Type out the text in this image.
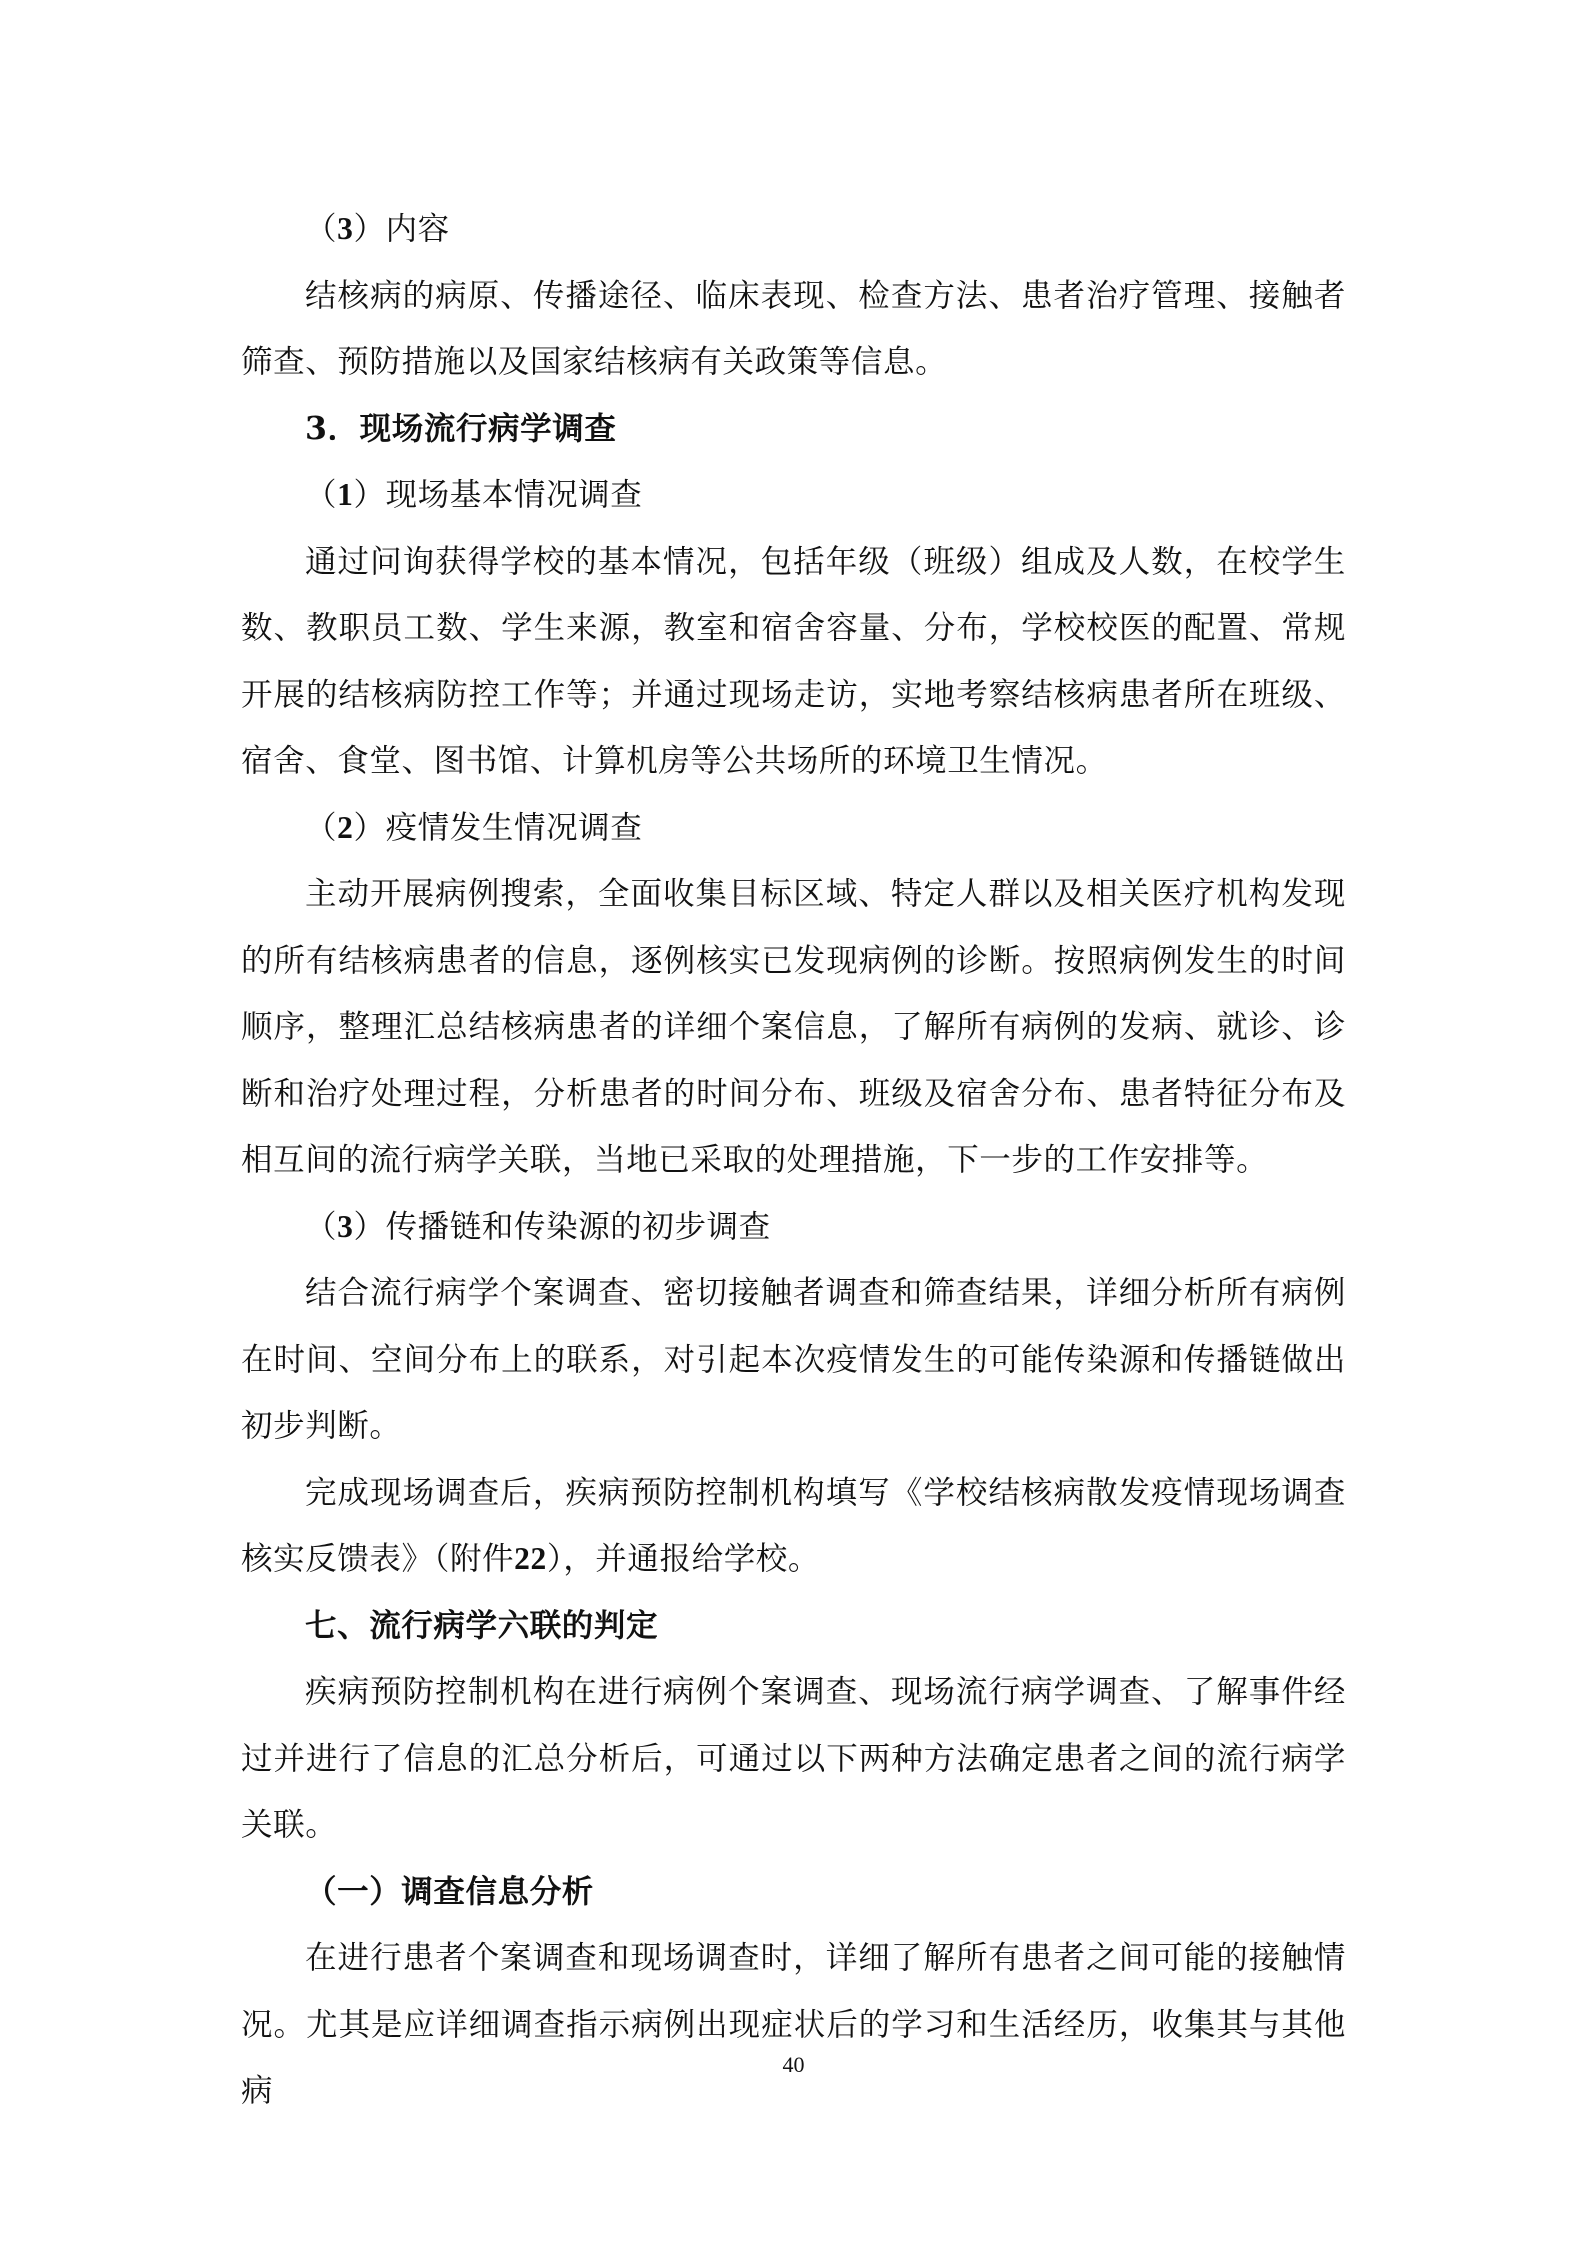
（3）内容

结核病的病原、传播途径、临床表现、检查方法、患者治疗管理、接触者筛查、预防措施以及国家结核病有关政策等信息。

3．现场流行病学调查

（1）现场基本情况调查

通过问询获得学校的基本情况，包括年级（班级）组成及人数，在校学生数、教职员工数、学生来源，教室和宿舍容量、分布，学校校医的配置、常规开展的结核病防控工作等；并通过现场走访，实地考察结核病患者所在班级、宿舍、食堂、图书馆、计算机房等公共场所的环境卫生情况。

（2）疫情发生情况调查

主动开展病例搜索，全面收集目标区域、特定人群以及相关医疗机构发现的所有结核病患者的信息，逐例核实已发现病例的诊断。按照病例发生的时间顺序，整理汇总结核病患者的详细个案信息，了解所有病例的发病、就诊、诊断和治疗处理过程，分析患者的时间分布、班级及宿舍分布、患者特征分布及相互间的流行病学关联，当地已采取的处理措施，下一步的工作安排等。

（3）传播链和传染源的初步调查

结合流行病学个案调查、密切接触者调查和筛查结果，详细分析所有病例在时间、空间分布上的联系，对引起本次疫情发生的可能传染源和传播链做出初步判断。

完成现场调查后，疾病预防控制机构填写《学校结核病散发疫情现场调查核实反馈表》（附件22），并通报给学校。

七、流行病学六联的判定

疾病预防控制机构在进行病例个案调查、现场流行病学调查、了解事件经过并进行了信息的汇总分析后，可通过以下两种方法确定患者之间的流行病学关联。

（一）调查信息分析

在进行患者个案调查和现场调查时，详细了解所有患者之间可能的接触情况。尤其是应详细调查指示病例出现症状后的学习和生活经历，收集其与其他病

40
